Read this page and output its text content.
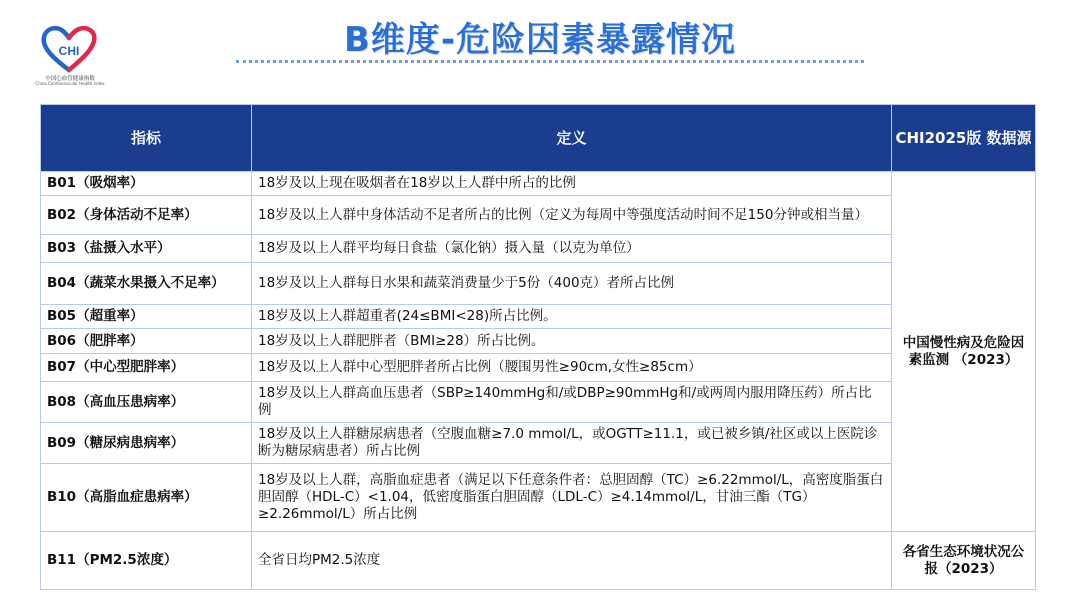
CHI
中国心血管健康指数
China Cardiovascular Health Index
B维度-危险因素暴露情况
指标	定义	CHI2025版 数据源
B01（吸烟率）	18岁及以上现在吸烟者在18岁以上人群中所占的比例	中国慢性病及危险因素监测 （2023）
B02（身体活动不足率）	18岁及以上人群中身体活动不足者所占的比例（定义为每周中等强度活动时间不足150分钟或相当量）	
B03（盐摄入水平）	18岁及以上人群平均每日食盐（氯化钠）摄入量（以克为单位）	
B04（蔬菜水果摄入不足率）	18岁及以上人群每日水果和蔬菜消费量少于5份（400克）者所占比例	
B05（超重率）	18岁及以上人群超重者(24≤BMI<28)所占比例。	
B06（肥胖率）	18岁及以上人群肥胖者（BMI≥28）所占比例。	
B07（中心型肥胖率）	18岁及以上人群中心型肥胖者所占比例（腰围男性≥90cm,女性≥85cm）	
B08（高血压患病率）	18岁及以上人群高血压患者（SBP≥140mmHg和/或DBP≥90mmHg和/或两周内服用降压药）所占比例	
B09（糖尿病患病率）	18岁及以上人群糖尿病患者（空腹血糖≥7.0 mmol/L，或OGTT≥11.1，或已被乡镇/社区或以上医院诊断为糖尿病患者）所占比例	
B10（高脂血症患病率）	18岁及以上人群，高脂血症患者（满足以下任意条件者：总胆固醇（TC）≥6.22mmol/L，高密度脂蛋白胆固醇（HDL-C）<1.04，低密度脂蛋白胆固醇（LDL-C）≥4.14mmol/L，甘油三酯（TG）≥2.26mmol/L）所占比例	
B11（PM2.5浓度）	全省日均PM2.5浓度	各省生态环境状况公报（2023）
